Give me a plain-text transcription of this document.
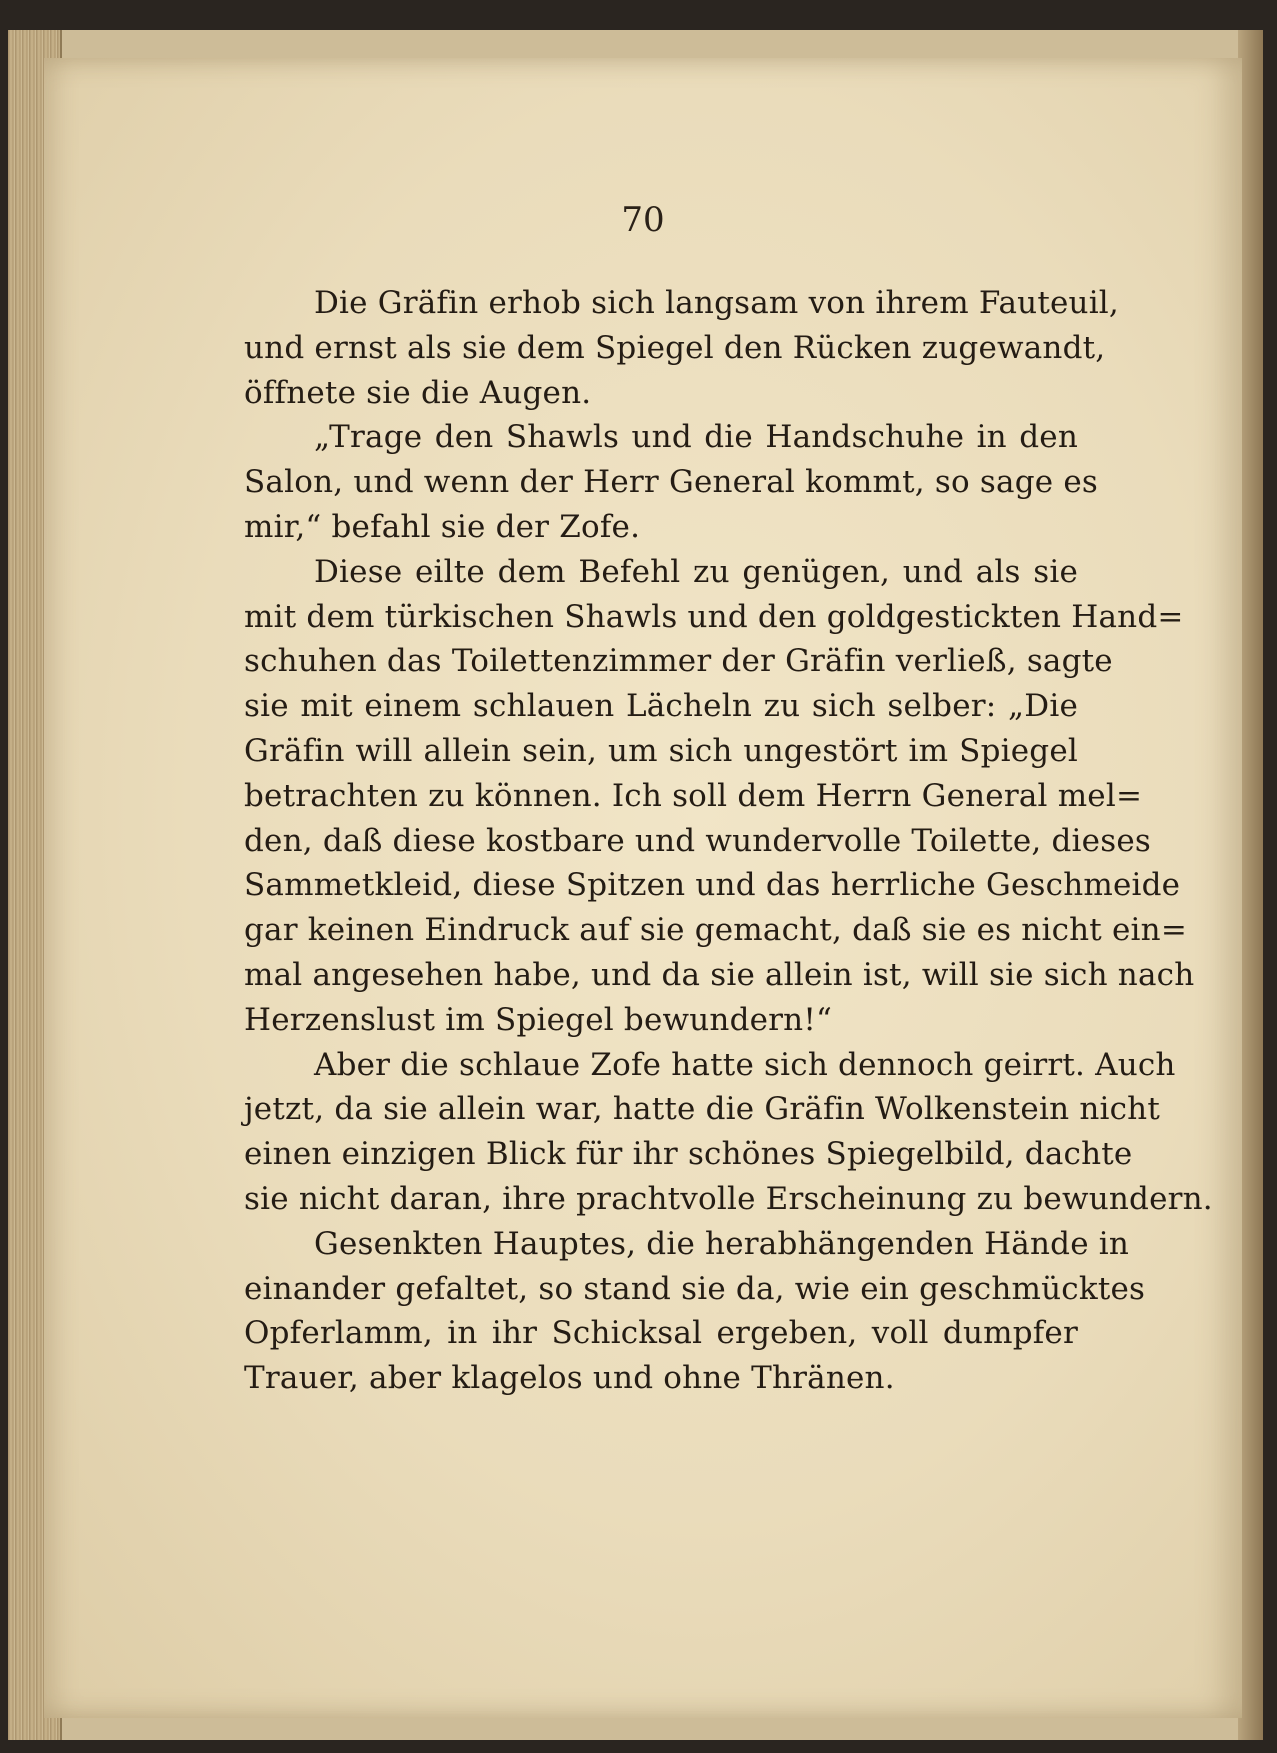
70
Die Gräfin erhob sich langsam von ihrem Fauteuil,
und ernst als sie dem Spiegel den Rücken zugewandt,
öffnete sie die Augen.
„Trage den Shawls und die Handschuhe in den
Salon, und wenn der Herr General kommt, so sage es
mir,“ befahl sie der Zofe.
Diese eilte dem Befehl zu genügen, und als sie
mit dem türkischen Shawls und den goldgestickten Hand=
schuhen das Toilettenzimmer der Gräfin verließ, sagte
sie mit einem schlauen Lächeln zu sich selber: „Die
Gräfin will allein sein, um sich ungestört im Spiegel
betrachten zu können. Ich soll dem Herrn General mel=
den, daß diese kostbare und wundervolle Toilette, dieses
Sammetkleid, diese Spitzen und das herrliche Geschmeide
gar keinen Eindruck auf sie gemacht, daß sie es nicht ein=
mal angesehen habe, und da sie allein ist, will sie sich nach
Herzenslust im Spiegel bewundern!“
Aber die schlaue Zofe hatte sich dennoch geirrt. Auch
jetzt, da sie allein war, hatte die Gräfin Wolkenstein nicht
einen einzigen Blick für ihr schönes Spiegelbild, dachte
sie nicht daran, ihre prachtvolle Erscheinung zu bewundern.
Gesenkten Hauptes, die herabhängenden Hände in
einander gefaltet, so stand sie da, wie ein geschmücktes
Opferlamm, in ihr Schicksal ergeben, voll dumpfer
Trauer, aber klagelos und ohne Thränen.
